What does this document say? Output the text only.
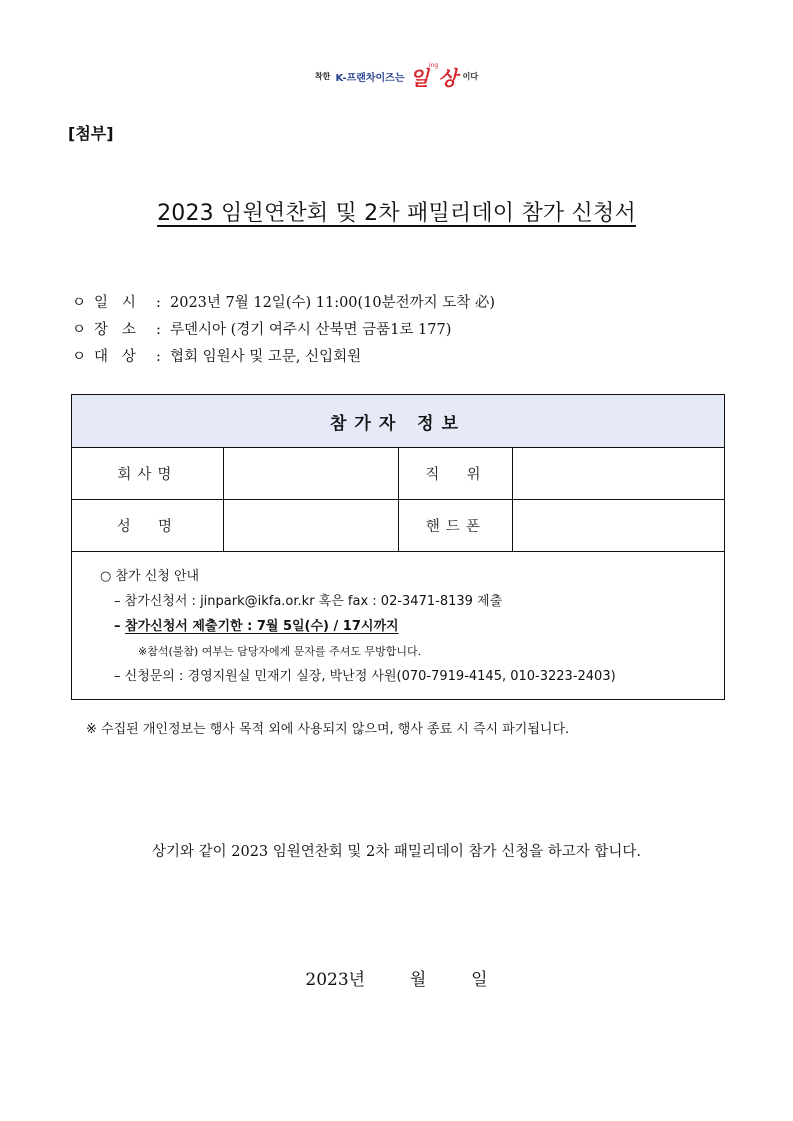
착한 K-프랜차이즈는 일$^{ing}$상 이다
[첨부]
2023 임원연찬회 및 2차 패밀리데이 참가 신청서
ㅇ 일   시 : 2023년 7월 12일(수) 11:00(10분전까지 도착 必)
ㅇ 장   소 : 루덴시아 (경기 여주시 산북면 금품1로 177)
ㅇ 대   상 : 협회 임원사 및 고문, 신입회원
참가자 정보			
회사명		직  위	
성  명		핸드폰	

○ 참가 신청 안내
– 참가신청서 : jinpark@ikfa.or.kr 혹은 fax : 02-3471-8139 제출
– 참가신청서 제출기한 : 7월 5일(수) / 17시까지
※참석(불참) 여부는 담당자에게 문자를 주셔도 무방합니다.
– 신청문의 : 경영지원실 민재기 실장, 박난정 사원(070-7919-4145, 010-3223-2403)			
※ 수집된 개인정보는 행사 목적 외에 사용되지 않으며, 행사 종료 시 즉시 파기됩니다.
상기와 같이 2023 임원연찬회 및 2차 패밀리데이 참가 신청을 하고자 합니다.
2023년	월	일
